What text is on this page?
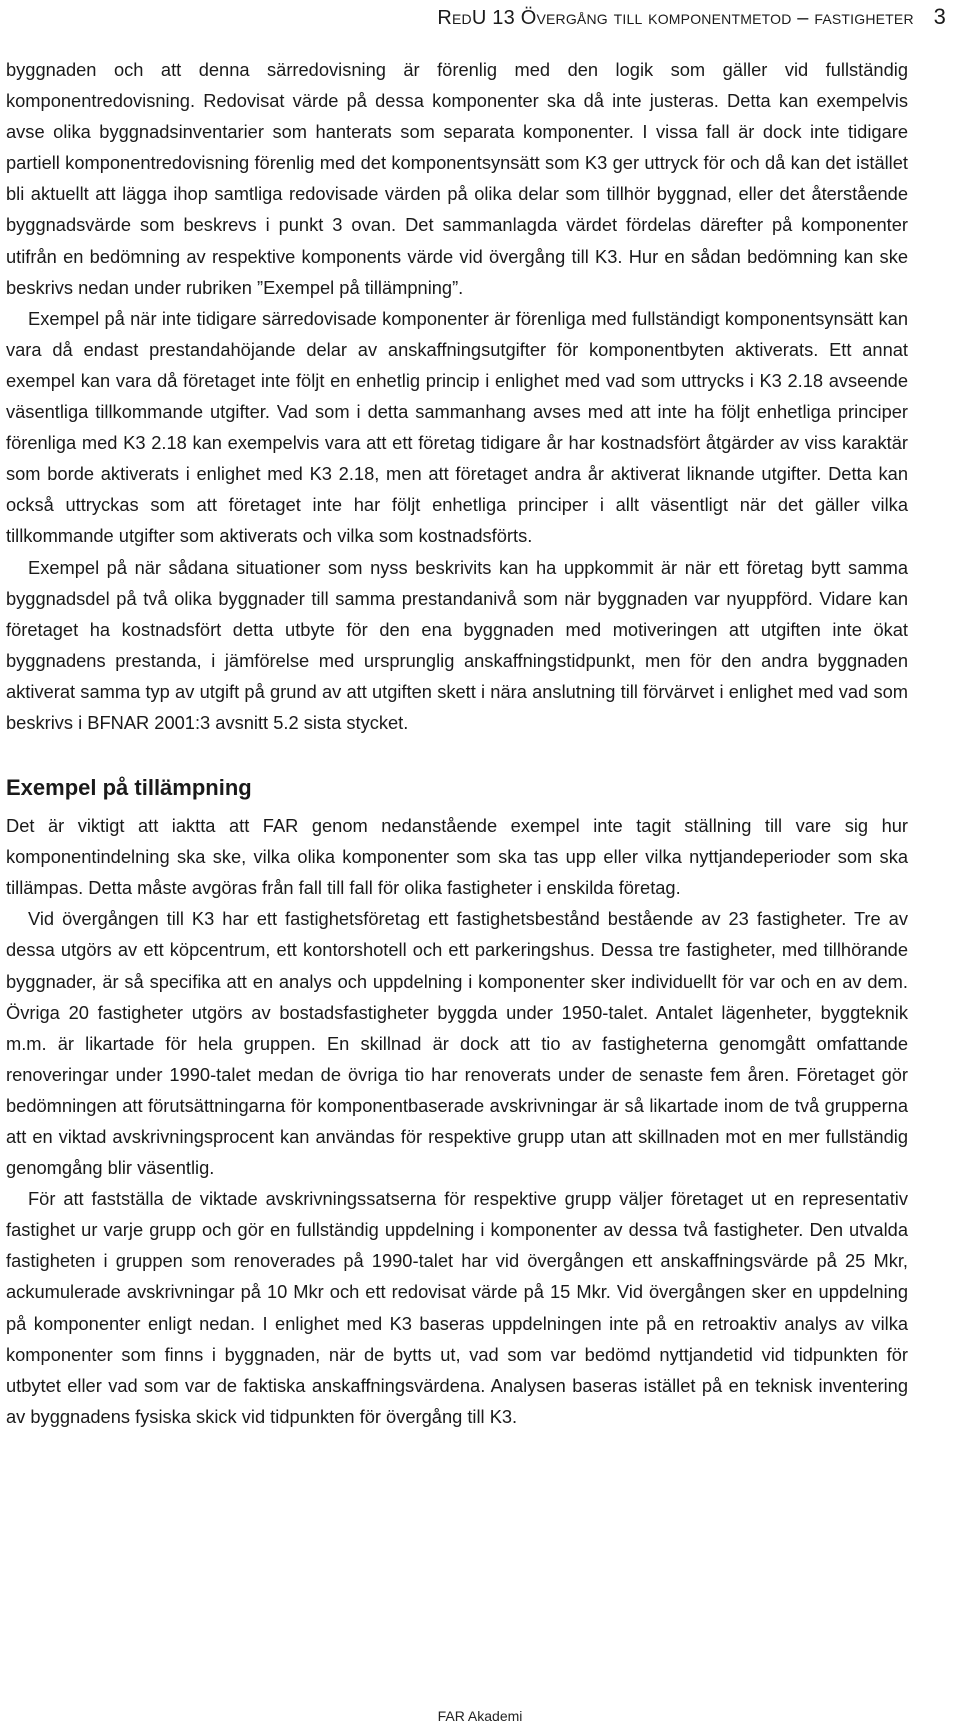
RedU 13 Övergång till komponentmetod – fastigheter 3

byggnaden och att denna särredovisning är förenlig med den logik som gäller vid fullständig komponentredovisning. Redovisat värde på dessa komponenter ska då inte justeras. Detta kan exempelvis avse olika byggnadsinventarier som hanterats som separata komponenter. I vissa fall är dock inte tidigare partiell komponentredovisning förenlig med det komponentsynsätt som K3 ger uttryck för och då kan det istället bli aktuellt att lägga ihop samtliga redovisade värden på olika delar som tillhör byggnad, eller det återstående byggnadsvärde som beskrevs i punkt 3 ovan. Det sammanlagda värdet fördelas därefter på komponenter utifrån en bedömning av respektive komponents värde vid övergång till K3. Hur en sådan bedömning kan ske beskrivs nedan under rubriken ”Exempel på tillämpning”.

Exempel på när inte tidigare särredovisade komponenter är förenliga med fullständigt komponentsynsätt kan vara då endast prestandahöjande delar av anskaffningsutgifter för komponentbyten aktiverats. Ett annat exempel kan vara då företaget inte följt en enhetlig princip i enlighet med vad som uttrycks i K3 2.18 avseende väsentliga tillkommande utgifter. Vad som i detta sammanhang avses med att inte ha följt enhetliga principer förenliga med K3 2.18 kan exempelvis vara att ett företag tidigare år har kostnadsfört åtgärder av viss karaktär som borde aktiverats i enlighet med K3 2.18, men att företaget andra år aktiverat liknande utgifter. Detta kan också uttryckas som att företaget inte har följt enhetliga principer i allt väsentligt när det gäller vilka tillkommande utgifter som aktiverats och vilka som kostnadsförts.

Exempel på när sådana situationer som nyss beskrivits kan ha uppkommit är när ett företag bytt samma byggnadsdel på två olika byggnader till samma prestandanivå som när byggnaden var nyuppförd. Vidare kan företaget ha kostnadsfört detta utbyte för den ena byggnaden med motiveringen att utgiften inte ökat byggnadens prestanda, i jämförelse med ursprunglig anskaffningstidpunkt, men för den andra byggnaden aktiverat samma typ av utgift på grund av att utgiften skett i nära anslutning till förvärvet i enlighet med vad som beskrivs i BFNAR 2001:3 avsnitt 5.2 sista stycket.

Exempel på tillämpning

Det är viktigt att iaktta att FAR genom nedanstående exempel inte tagit ställning till vare sig hur komponentindelning ska ske, vilka olika komponenter som ska tas upp eller vilka nyttjandeperioder som ska tillämpas. Detta måste avgöras från fall till fall för olika fastigheter i enskilda företag.

Vid övergången till K3 har ett fastighetsföretag ett fastighetsbestånd bestående av 23 fastigheter. Tre av dessa utgörs av ett köpcentrum, ett kontorshotell och ett parkeringshus. Dessa tre fastigheter, med tillhörande byggnader, är så specifika att en analys och uppdelning i komponenter sker individuellt för var och en av dem. Övriga 20 fastigheter utgörs av bostadsfastigheter byggda under 1950-talet. Antalet lägenheter, byggteknik m.m. är likartade för hela gruppen. En skillnad är dock att tio av fastigheterna genomgått omfattande renoveringar under 1990-talet medan de övriga tio har renoverats under de senaste fem åren. Företaget gör bedömningen att förutsättningarna för komponentbaserade avskrivningar är så likartade inom de två grupperna att en viktad avskrivningsprocent kan användas för respektive grupp utan att skillnaden mot en mer fullständig genomgång blir väsentlig.

För att fastställa de viktade avskrivningssatserna för respektive grupp väljer företaget ut en representativ fastighet ur varje grupp och gör en fullständig uppdelning i komponenter av dessa två fastigheter. Den utvalda fastigheten i gruppen som renoverades på 1990-talet har vid övergången ett anskaffningsvärde på 25 Mkr, ackumulerade avskrivningar på 10 Mkr och ett redovisat värde på 15 Mkr. Vid övergången sker en uppdelning på komponenter enligt nedan. I enlighet med K3 baseras uppdelningen inte på en retroaktiv analys av vilka komponenter som finns i byggnaden, när de bytts ut, vad som var bedömd nyttjandetid vid tidpunkten för utbytet eller vad som var de faktiska anskaffningsvärdena. Analysen baseras istället på en teknisk inventering av byggnadens fysiska skick vid tidpunkten för övergång till K3.

FAR Akademi
